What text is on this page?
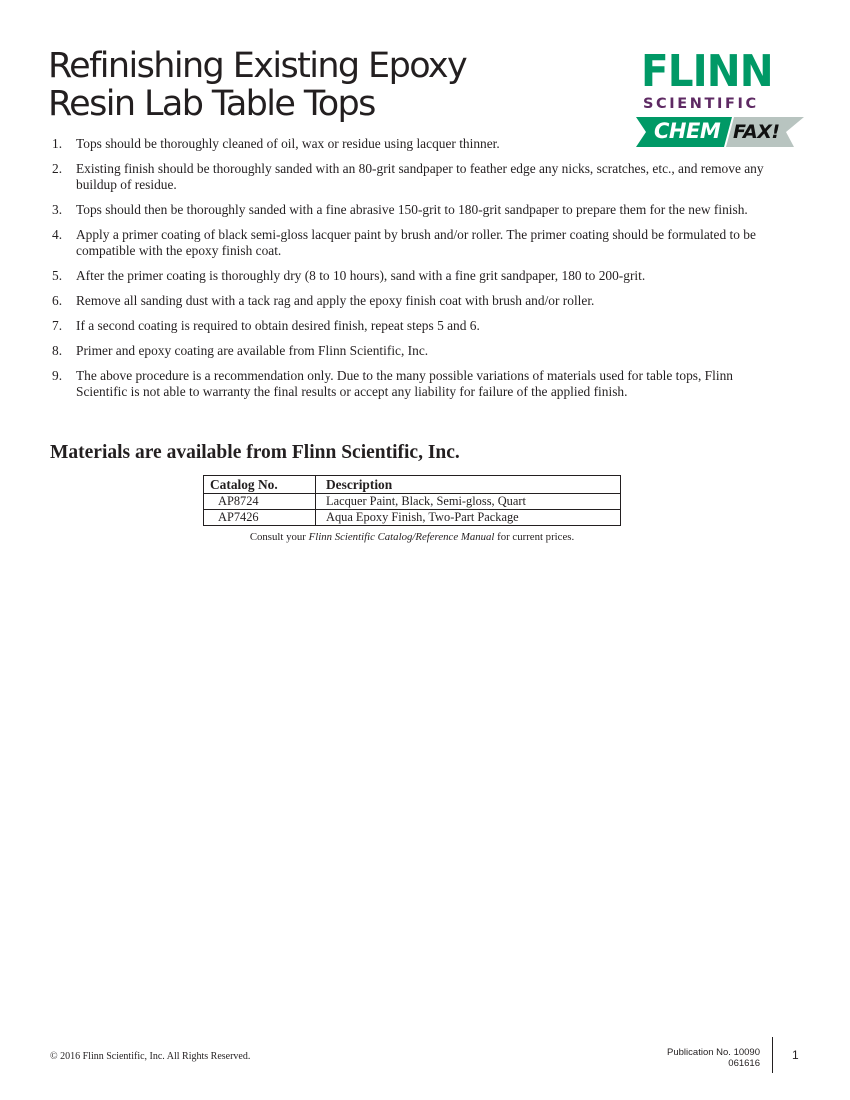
Refinishing Existing Epoxy
Resin Lab Table Tops
FLINN
SCIENTIFIC
CHEM FAX!
1.	Tops should be thoroughly cleaned of oil, wax or residue using lacquer thinner.
2.	Existing finish should be thoroughly sanded with an 80-grit sandpaper to feather edge any nicks, scratches, etc., and remove any buildup of residue.
3.	Tops should then be thoroughly sanded with a fine abrasive 150-grit to 180-grit sandpaper to prepare them for the new finish.
4.	Apply a primer coating of black semi-gloss lacquer paint by brush and/or roller. The primer coating should be formulated to be compatible with the epoxy finish coat.
5.	After the primer coating is thoroughly dry (8 to 10 hours), sand with a fine grit sandpaper, 180 to 200-grit.
6.	Remove all sanding dust with a tack rag and apply the epoxy finish coat with brush and/or roller.
7.	If a second coating is required to obtain desired finish, repeat steps 5 and 6.
8.	Primer and epoxy coating are available from Flinn Scientific, Inc.
9.	The above procedure is a recommendation only. Due to the many possible variations of materials used for table tops, Flinn Scientific is not able to warranty the final results or accept any liability for failure of the applied finish.
Materials are available from Flinn Scientific, Inc.
Catalog No.	Description
AP8724	Lacquer Paint, Black, Semi-gloss, Quart
AP7426	Aqua Epoxy Finish, Two-Part Package
Consult your Flinn Scientific Catalog/Reference Manual for current prices.
© 2016 Flinn Scientific, Inc. All Rights Reserved.	Publication No. 10090
061616
1
